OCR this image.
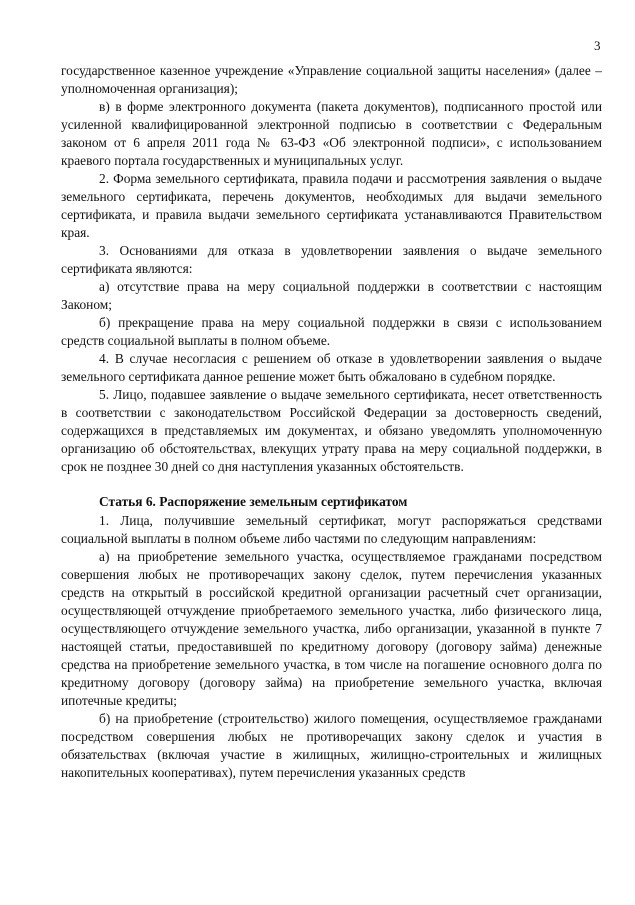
3

государственное казенное учреждение «Управление социальной защиты населения» (далее – уполномоченная организация);

в) в форме электронного документа (пакета документов), подписанного простой или усиленной квалифицированной электронной подписью в соответствии с Федеральным законом от 6 апреля 2011 года № 63-ФЗ «Об электронной подписи», с использованием краевого портала государственных и муниципальных услуг.

2. Форма земельного сертификата, правила подачи и рассмотрения заявления о выдаче земельного сертификата, перечень документов, необходимых для выдачи земельного сертификата, и правила выдачи земельного сертификата устанавливаются Правительством края.

3. Основаниями для отказа в удовлетворении заявления о выдаче земельного сертификата являются:

а) отсутствие права на меру социальной поддержки в соответствии с настоящим Законом;

б) прекращение права на меру социальной поддержки в связи с использованием средств социальной выплаты в полном объеме.

4. В случае несогласия с решением об отказе в удовлетворении заявления о выдаче земельного сертификата данное решение может быть обжаловано в судебном порядке.

5. Лицо, подавшее заявление о выдаче земельного сертификата, несет ответственность в соответствии с законодательством Российской Федерации за достоверность сведений, содержащихся в представляемых им документах, и обязано уведомлять уполномоченную организацию об обстоятельствах, влекущих утрату права на меру социальной поддержки, в срок не позднее 30 дней со дня наступления указанных обстоятельств.

Статья 6. Распоряжение земельным сертификатом

1. Лица, получившие земельный сертификат, могут распоряжаться средствами социальной выплаты в полном объеме либо частями по следующим направлениям:

а) на приобретение земельного участка, осуществляемое гражданами посредством совершения любых не противоречащих закону сделок, путем перечисления указанных средств на открытый в российской кредитной организации расчетный счет организации, осуществляющей отчуждение приобретаемого земельного участка, либо физического лица, осуществляющего отчуждение земельного участка, либо организации, указанной в пункте 7 настоящей статьи, предоставившей по кредитному договору (договору займа) денежные средства на приобретение земельного участка, в том числе на погашение основного долга по кредитному договору (договору займа) на приобретение земельного участка, включая ипотечные кредиты;

б) на приобретение (строительство) жилого помещения, осуществляемое гражданами посредством совершения любых не противоречащих закону сделок и участия в обязательствах (включая участие в жилищных, жилищно-строительных и жилищных накопительных кооперативах), путем перечисления указанных средств
